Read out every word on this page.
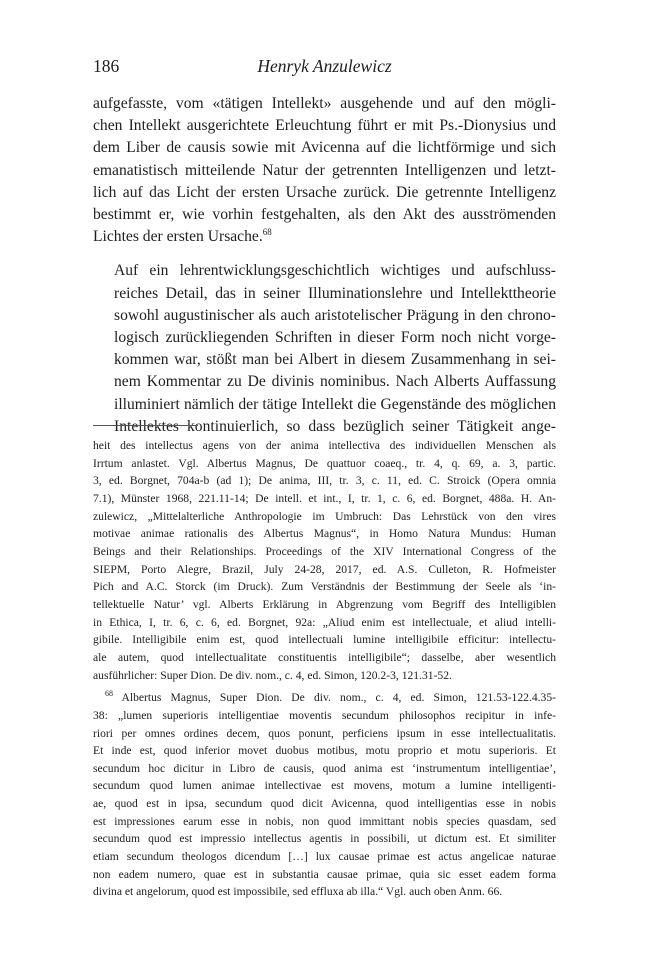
186	Henryk Anzulewicz

aufgefasste, vom «tätigen Intellekt» ausgehende und auf den mögli-
chen Intellekt ausgerichtete Erleuchtung führt er mit Ps.-Dionysius und
dem Liber de causis sowie mit Avicenna auf die lichtförmige und sich
emanatistisch mitteilende Natur der getrennten Intelligenzen und letzt-
lich auf das Licht der ersten Ursache zurück. Die getrennte Intelligenz
bestimmt er, wie vorhin festgehalten, als den Akt des ausströmenden
Lichtes der ersten Ursache.$^{68}$

Auf ein lehrentwicklungsgeschichtlich wichtiges und aufschluss-
reiches Detail, das in seiner Illuminationslehre und Intellekttheorie
sowohl augustinischer als auch aristotelischer Prägung in den chrono-
logisch zurückliegenden Schriften in dieser Form noch nicht vorge-
kommen war, stößt man bei Albert in diesem Zusammenhang in sei-
nem Kommentar zu De divinis nominibus. Nach Alberts Auffassung
illuminiert nämlich der tätige Intellekt die Gegenstände des möglichen
Intellektes kontinuierlich, so dass bezüglich seiner Tätigkeit ange-

heit des intellectus agens von der anima intellectiva des individuellen Menschen als
Irrtum anlastet. Vgl. Albertus Magnus, De quattuor coaeq., tr. 4, q. 69, a. 3, partic.
3, ed. Borgnet, 704a-b (ad 1); De anima, III, tr. 3, c. 11, ed. C. Stroick (Opera omnia
7.1), Münster 1968, 221.11-14; De intell. et int., I, tr. 1, c. 6, ed. Borgnet, 488a. H. An-
zulewicz, „Mittelalterliche Anthropologie im Umbruch: Das Lehrstück von den vires
motivae animae rationalis des Albertus Magnus“, in Homo Natura Mundus: Human
Beings and their Relationships. Proceedings of the XIV International Congress of the
SIEPM, Porto Alegre, Brazil, July 24-28, 2017, ed. A.S. Culleton, R. Hofmeister
Pich and A.C. Storck (im Druck). Zum Verständnis der Bestimmung der Seele als ‘in-
tellektuelle Natur’ vgl. Alberts Erklärung in Abgrenzung vom Begriff des Intelligiblen
in Ethica, I, tr. 6, c. 6, ed. Borgnet, 92a: „Aliud enim est intellectuale, et aliud intelli-
gibile. Intelligibile enim est, quod intellectuali lumine intelligibile efficitur: intellectu-
ale autem, quod intellectualitate constituentis intelligibile“; dasselbe, aber wesentlich
ausführlicher: Super Dion. De div. nom., c. 4, ed. Simon, 120.2-3, 121.31-52.
$^{68}$ Albertus Magnus, Super Dion. De div. nom., c. 4, ed. Simon, 121.53-122.4.35-
38: „lumen superioris intelligentiae moventis secundum philosophos recipitur in infe-
riori per omnes ordines decem, quos ponunt, perficiens ipsum in esse intellectualitatis.
Et inde est, quod inferior movet duobus motibus, motu proprio et motu superioris. Et
secundum hoc dicitur in Libro de causis, quod anima est ‘instrumentum intelligentiae’,
secundum quod lumen animae intellectivae est movens, motum a lumine intelligenti-
ae, quod est in ipsa, secundum quod dicit Avicenna, quod intelligentias esse in nobis
est impressiones earum esse in nobis, non quod immittant nobis species quasdam, sed
secundum quod est impressio intellectus agentis in possibili, ut dictum est. Et similiter
etiam secundum theologos dicendum […] lux causae primae est actus angelicae naturae
non eadem numero, quae est in substantia causae primae, quia sic esset eadem forma
divina et angelorum, quod est impossibile, sed effluxa ab illa.“ Vgl. auch oben Anm. 66.
